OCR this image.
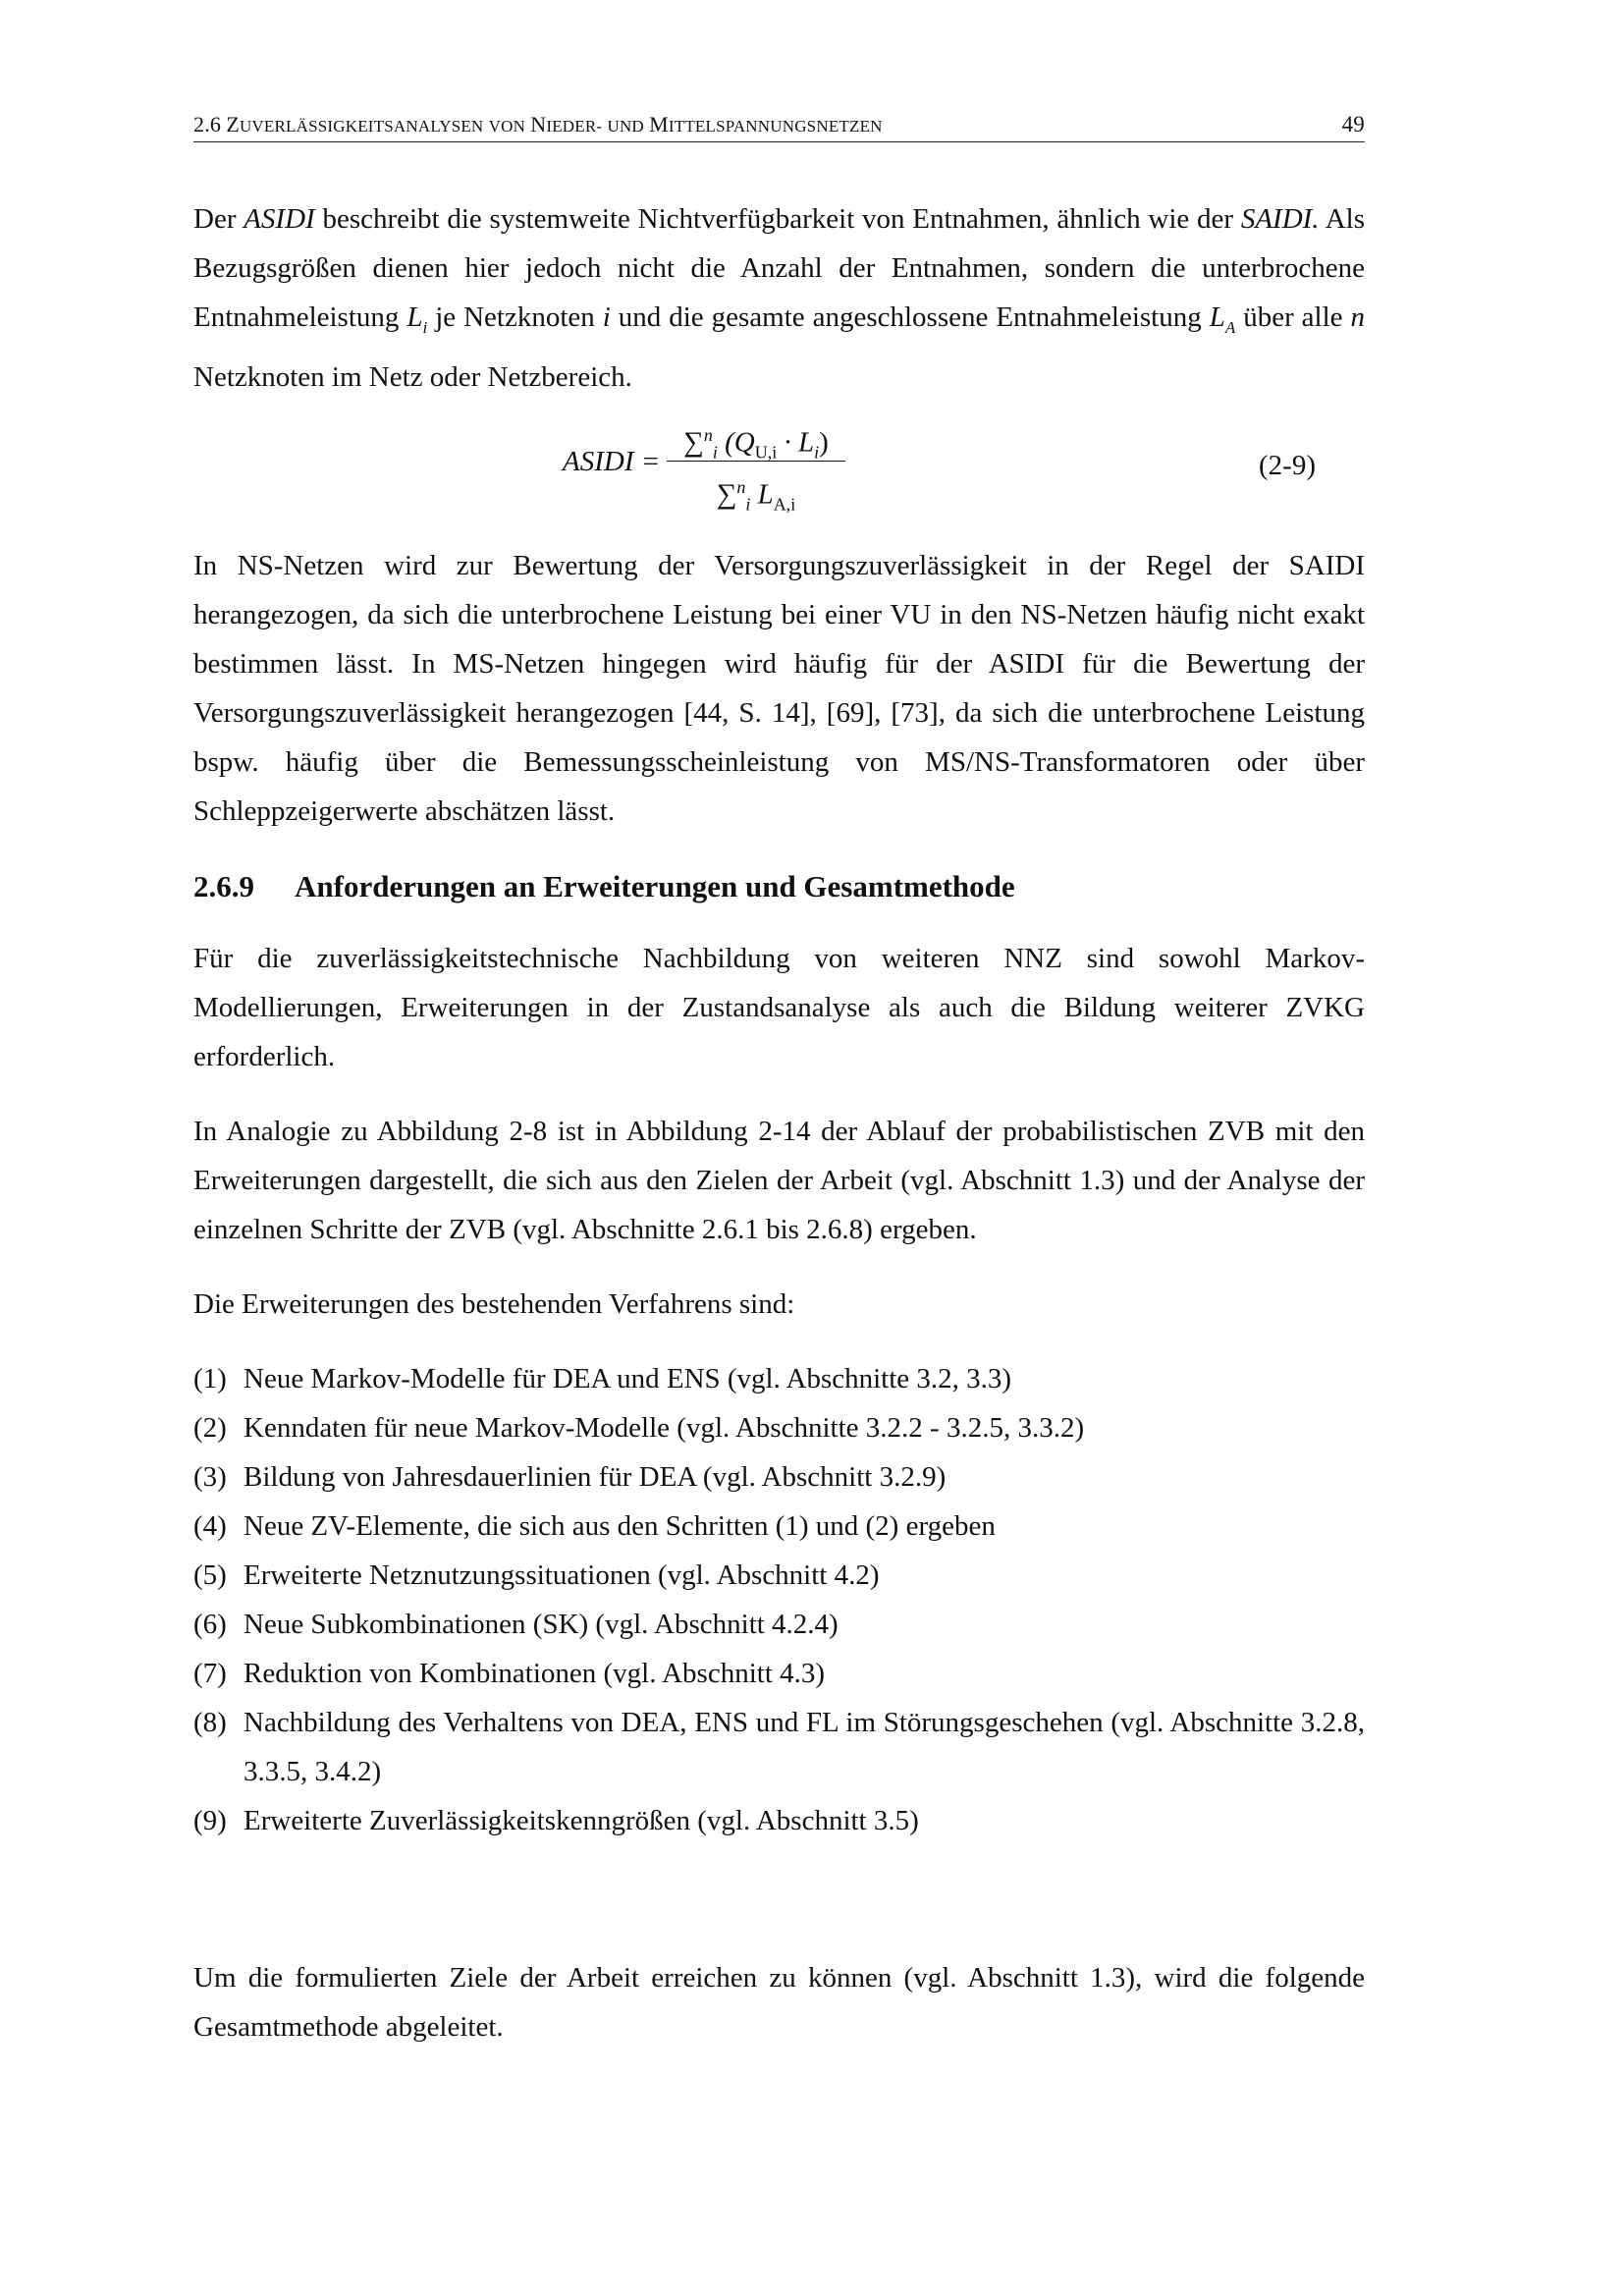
2.6 ZUVERLÄSSIGKEITSANALYSEN VON NIEDER- UND MITTELSPANNUNGSNETZEN	49

Der ASIDI beschreibt die systemweite Nichtverfügbarkeit von Entnahmen, ähnlich wie der SAIDI. Als Bezugsgrößen dienen hier jedoch nicht die Anzahl der Entnahmen, sondern die unterbrochene Entnahmeleistung $L_i$ je Netzknoten i und die gesamte angeschlossene Entnahmeleistung $L_A$ über alle n Netzknoten im Netz oder Netzbereich.

ASIDI =
∑$^n_i$ $(Q_{U,i} \cdot L_i)$
∑$^n_i$ $L_{A,i}$
(2-9)

In NS-Netzen wird zur Bewertung der Versorgungszuverlässigkeit in der Regel der SAIDI herangezogen, da sich die unterbrochene Leistung bei einer VU in den NS-Netzen häufig nicht exakt bestimmen lässt. In MS-Netzen hingegen wird häufig für der ASIDI für die Bewertung der Versorgungszuverlässigkeit herangezogen [44, S. 14], [69], [73], da sich die unterbrochene Leistung bspw. häufig über die Bemessungsscheinleistung von MS/NS-Transformatoren oder über Schleppzeigerwerte abschätzen lässt.

2.6.9	Anforderungen an Erweiterungen und Gesamtmethode

Für die zuverlässigkeitstechnische Nachbildung von weiteren NNZ sind sowohl Markov-Modellierungen, Erweiterungen in der Zustandsanalyse als auch die Bildung weiterer ZVKG erforderlich.

In Analogie zu Abbildung 2-8 ist in Abbildung 2-14 der Ablauf der probabilistischen ZVB mit den Erweiterungen dargestellt, die sich aus den Zielen der Arbeit (vgl. Abschnitt 1.3) und der Analyse der einzelnen Schritte der ZVB (vgl. Abschnitte 2.6.1 bis 2.6.8) ergeben.

Die Erweiterungen des bestehenden Verfahrens sind:

(1) Neue Markov-Modelle für DEA und ENS (vgl. Abschnitte 3.2, 3.3)
(2) Kenndaten für neue Markov-Modelle (vgl. Abschnitte 3.2.2 - 3.2.5, 3.3.2)
(3) Bildung von Jahresdauerlinien für DEA (vgl. Abschnitt 3.2.9)
(4) Neue ZV-Elemente, die sich aus den Schritten (1) und (2) ergeben
(5) Erweiterte Netznutzungssituationen (vgl. Abschnitt 4.2)
(6) Neue Subkombinationen (SK) (vgl. Abschnitt 4.2.4)
(7) Reduktion von Kombinationen (vgl. Abschnitt 4.3)
(8) Nachbildung des Verhaltens von DEA, ENS und FL im Störungsgeschehen (vgl. Abschnitte 3.2.8, 3.3.5, 3.4.2)
(9) Erweiterte Zuverlässigkeitskenngrößen (vgl. Abschnitt 3.5)

Um die formulierten Ziele der Arbeit erreichen zu können (vgl. Abschnitt 1.3), wird die folgende Gesamtmethode abgeleitet.
